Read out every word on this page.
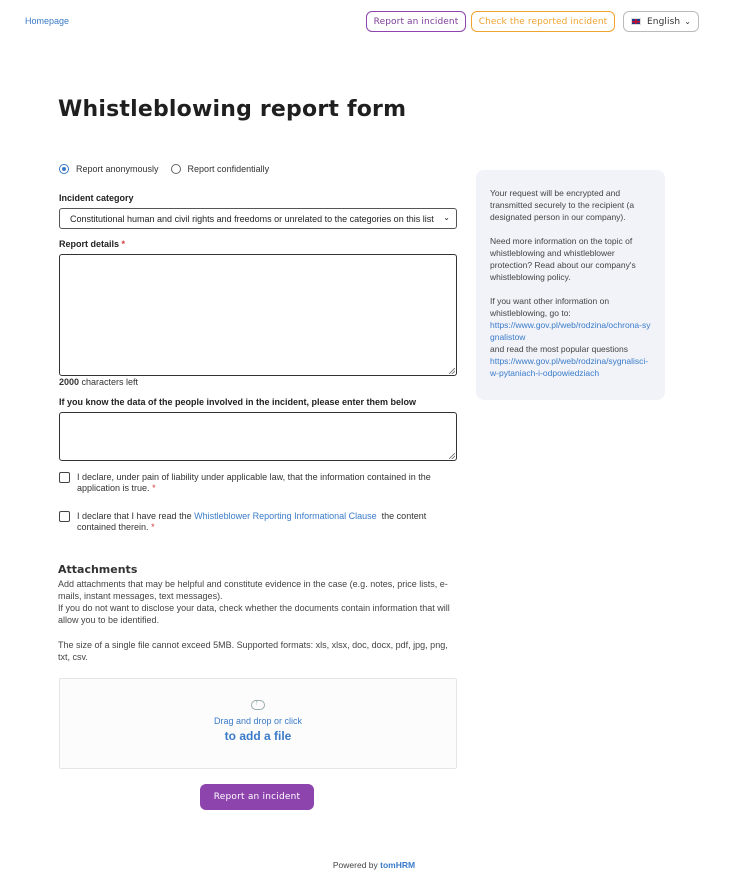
Homepage	Report an incident	Check the reported incident	English ⌄
Whistleblowing report form
Report anonymously	Report confidentially
Incident category
Constitutional human and civil rights and freedoms or unrelated to the categories on this list ⌄
Report details *
2000 characters left
If you know the data of the people involved in the incident, please enter them below
I declare, under pain of liability under applicable law, that the information contained in the
application is true. *
I declare that I have read the Whistleblower Reporting Informational Clause  the content
contained therein. *
Attachments
Add attachments that may be helpful and constitute evidence in the case (e.g. notes, price lists, e-mails, instant messages, text messages).
If you do not want to disclose your data, check whether the documents contain information that will allow you to be identified.
The size of a single file cannot exceed 5MB. Supported formats: xls, xlsx, doc, docx, pdf, jpg, png, txt, csv.
↑
Drag and drop or click
to add a file
Report an incident

Your request will be encrypted and transmitted securely to the recipient (a designated person in our company).

Need more information on the topic of whistleblowing and whistleblower protection? Read about our company's whistleblowing policy.

If you want other information on whistleblowing, go to:
https://www.gov.pl/web/rodzina/ochrona-sygnalistow
and read the most popular questions
https://www.gov.pl/web/rodzina/sygnalisci-w-pytaniach-i-odpowiedziach
Powered by tomHRM
